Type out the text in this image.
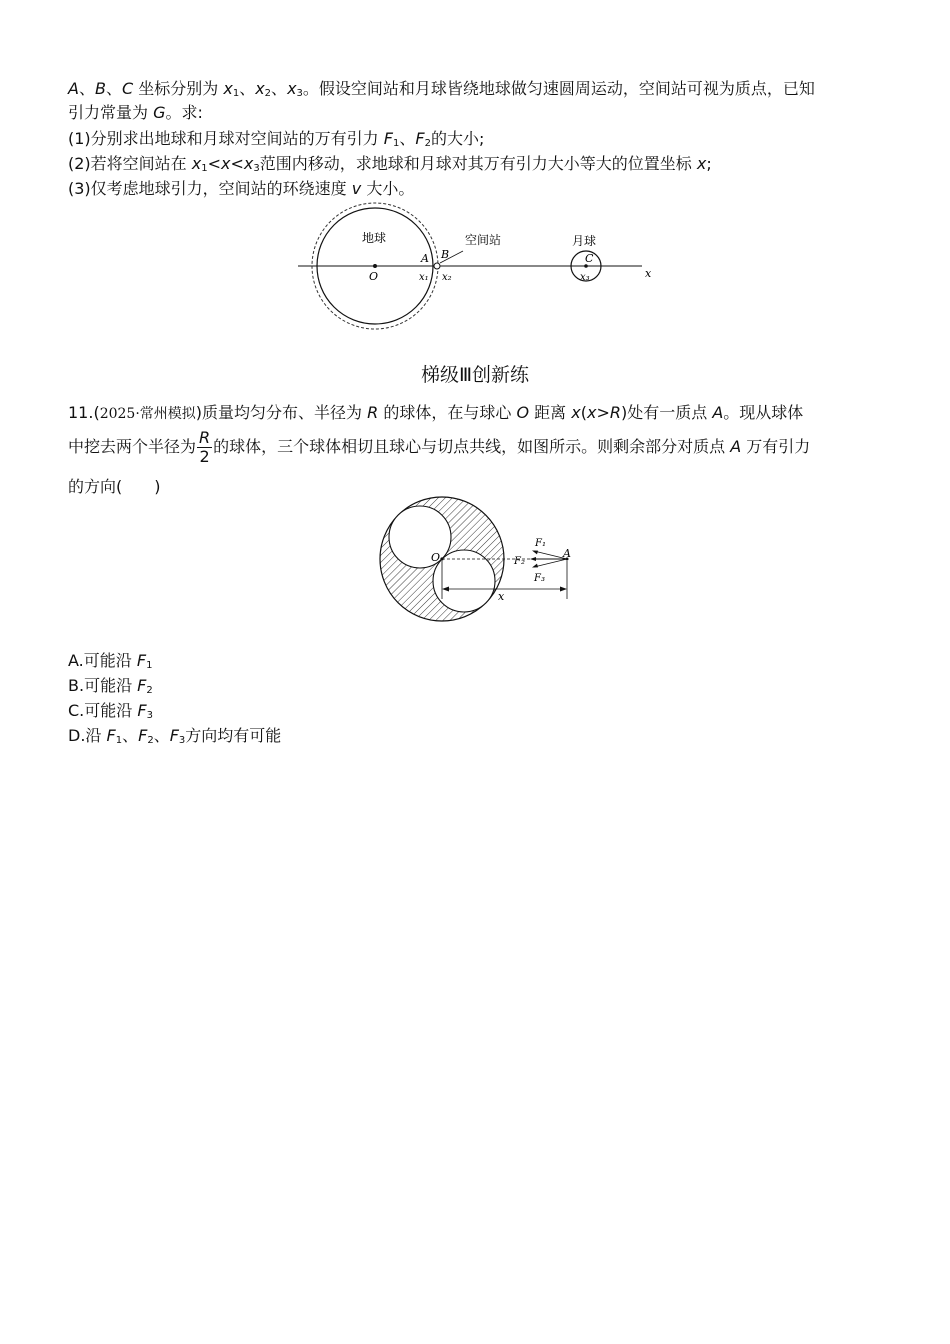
A、B、C 坐标分别为 $x_1$、$x_2$、$x_3$。假设空间站和月球皆绕地球做匀速圆周运动，空间站可视为质点，已知
引力常量为 G。求:
(1)分别求出地球和月球对空间站的万有引力 $F_1$、$F_2$的大小;
(2)若将空间站在 $x_1<x<x_3$范围内移动，求地球和月球对其万有引力大小等大的位置坐标 x;
(3)仅考虑地球引力，空间站的环绕速度 v 大小。
地球	空间站	月球
O
A B	C
x₁ x₂	x₃	x
梯级Ⅲ创新练
11.(2025·常州模拟)质量均匀分布、半径为 R 的球体，在与球心 O 距离 x(x>R)处有一质点 A。现从球体
中挖去两个半径为 $\frac{R}{2}$ 的球体，三个球体相切且球心与切点共线，如图所示。则剩余部分对质点 A 万有引力
的方向(　　)
O	A
F₁
F₂
F₃
x
A.可能沿 $F_1$
B.可能沿 $F_2$
C.可能沿 $F_3$
D.沿 $F_1$、$F_2$、$F_3$方向均有可能
